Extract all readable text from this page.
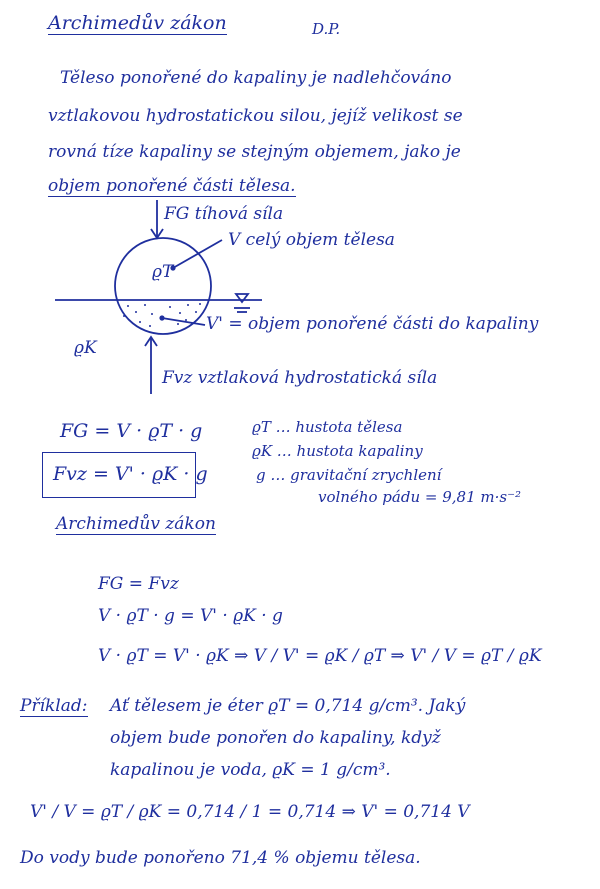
Archimedův zákon	D.P.
Těleso ponořené do kapaliny je nadlehčováno
vztlakovou hydrostatickou silou, jejíž velikost se
rovná tíze kapaliny se stejným objemem, jako je
objem ponořené části tělesa.
FG tíhová síla
V celý objem tělesa
ϱT
ϱK
V' = objem ponořené části do kapaliny
Fvz vztlaková hydrostatická síla
FG = V · ϱT · g
Fvz = V' · ϱK · g
Archimedův zákon
ϱT … hustota tělesa
ϱK … hustota kapaliny
g … gravitační zrychlení
volného pádu = 9,81 m·s⁻²
FG = Fvz
V · ϱT · g = V' · ϱK · g
V · ϱT = V' · ϱK ⇒ V / V' = ϱK / ϱT ⇒ V' / V = ϱT / ϱK
Příklad: Ať tělesem je éter ϱT = 0,714 g/cm³. Jaký
objem bude ponořen do kapaliny, když
kapalinou je voda, ϱK = 1 g/cm³.
V' / V = ϱT / ϱK = 0,714 / 1 = 0,714 ⇒ V' = 0,714 V
Do vody bude ponořeno 71,4 % objemu tělesa.
